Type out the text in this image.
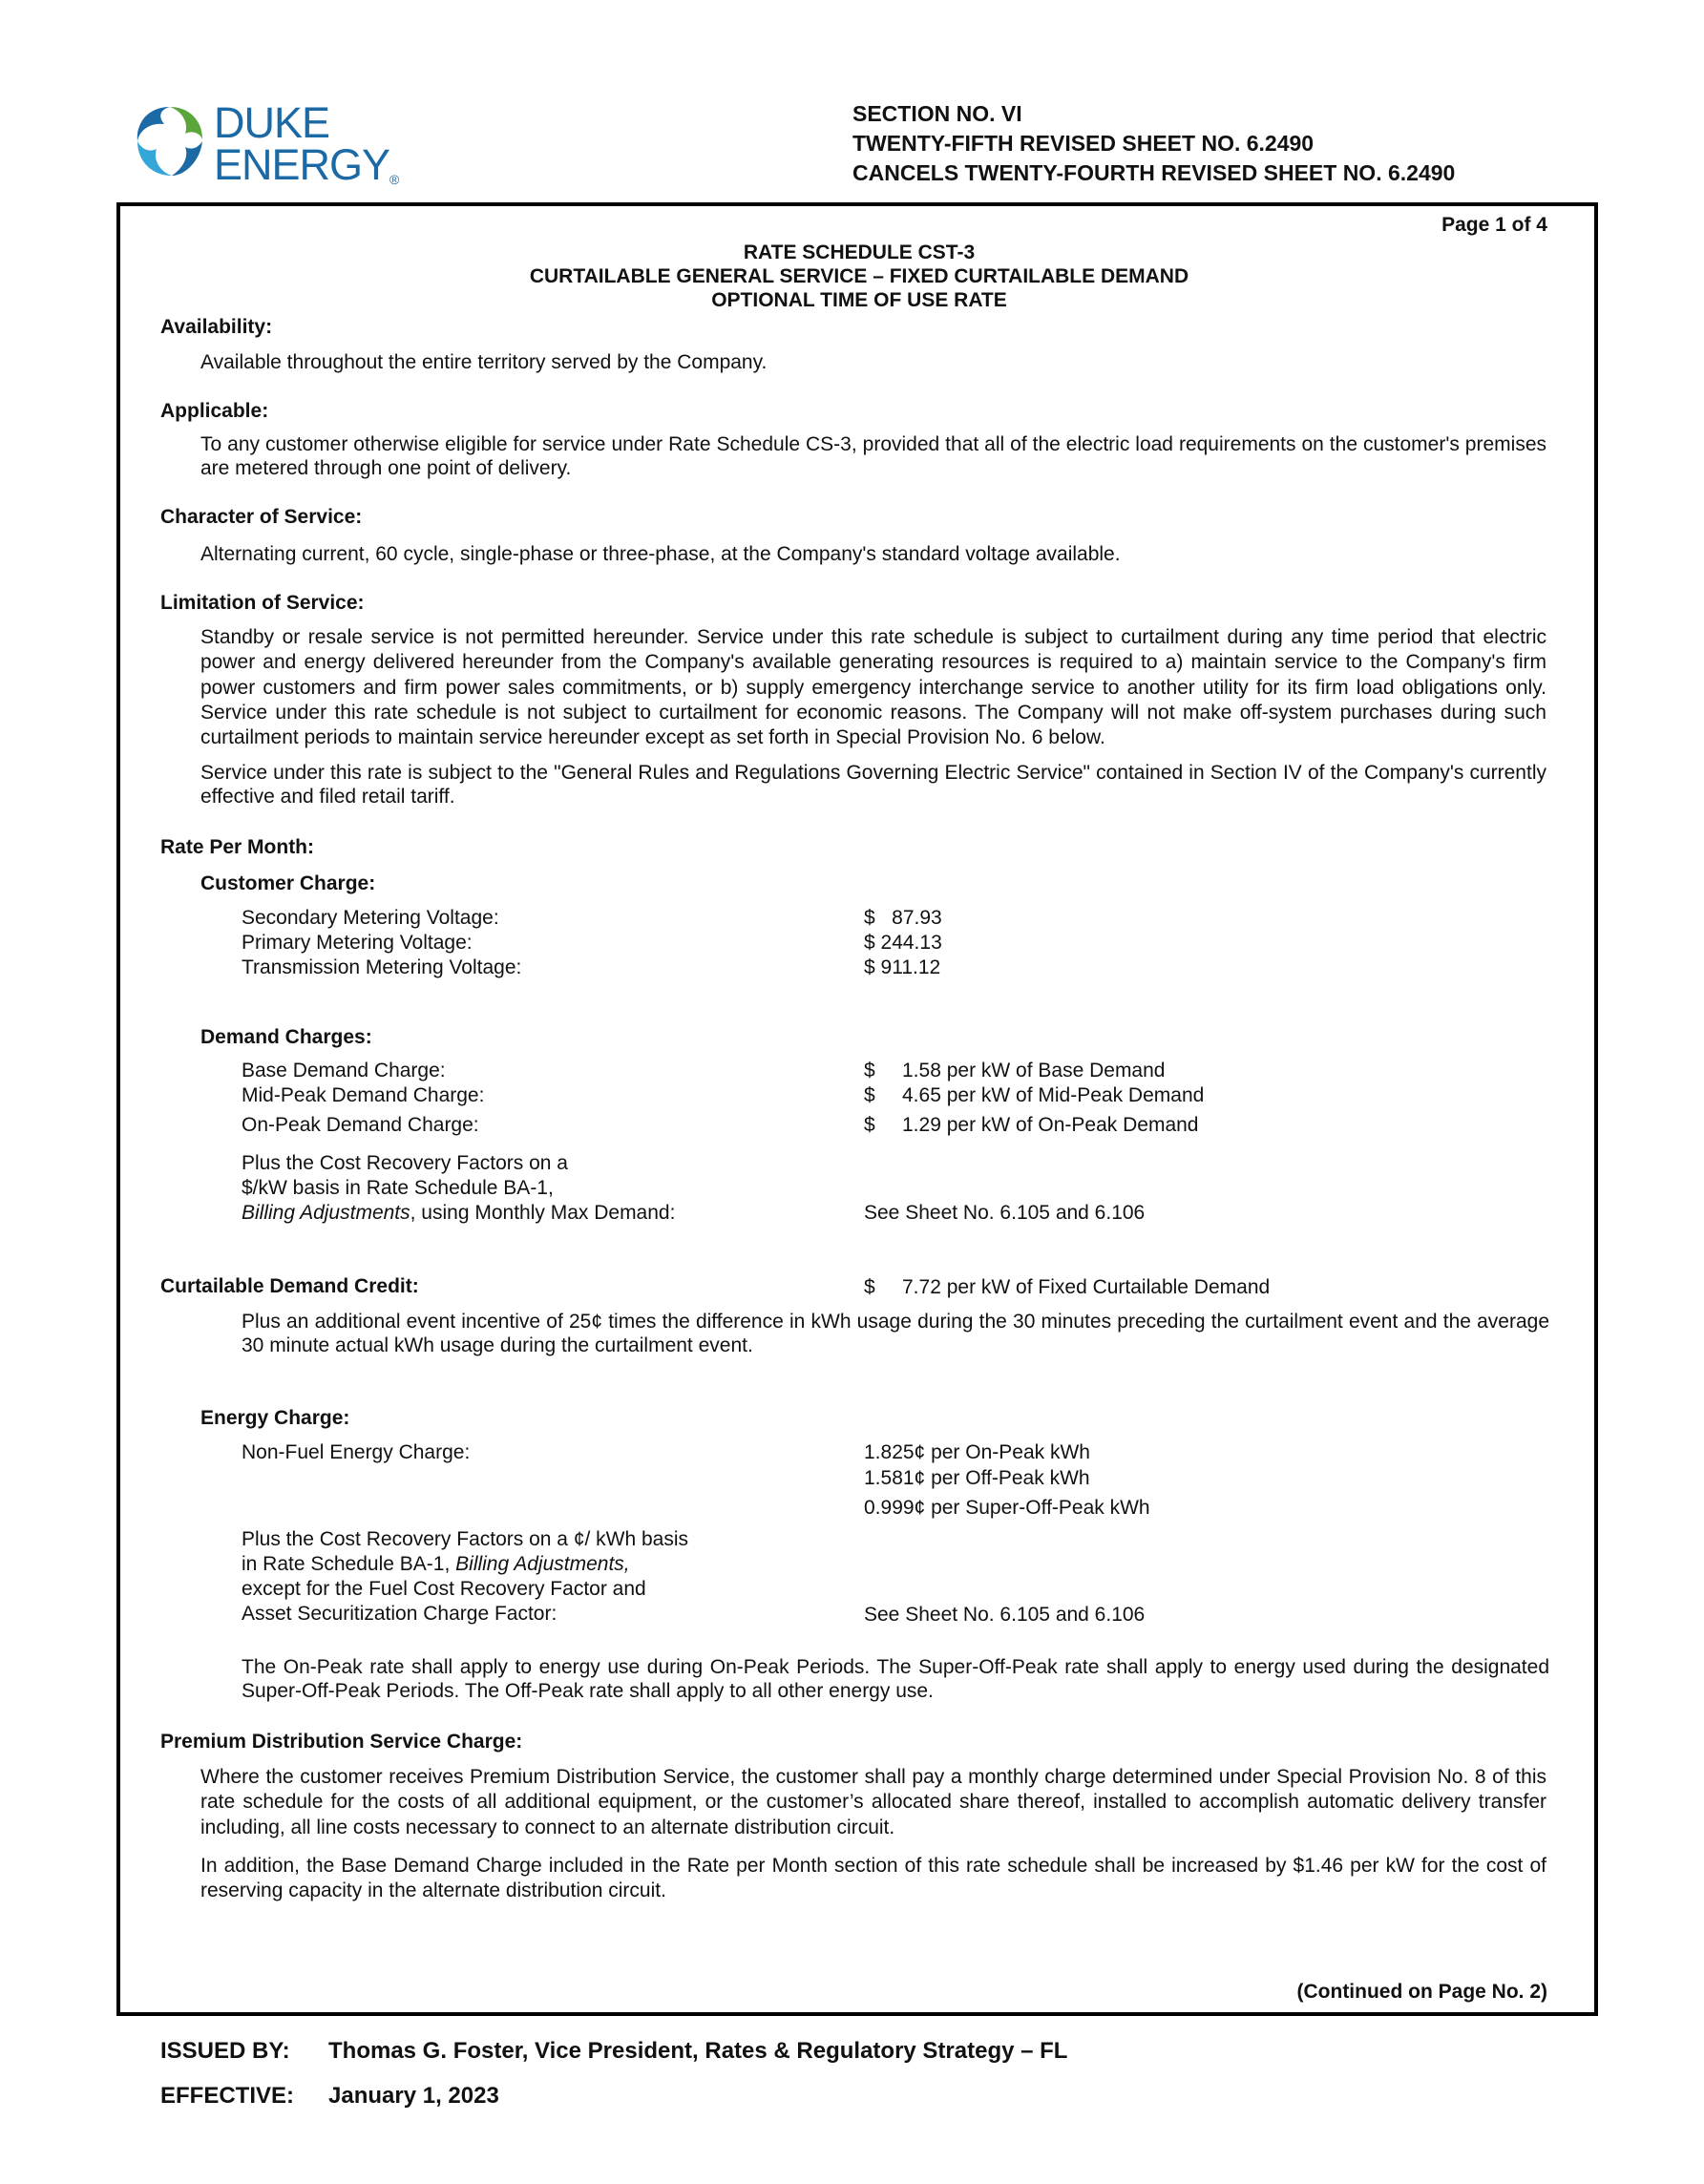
DUKE
ENERGY®
SECTION NO. VI
TWENTY-FIFTH REVISED SHEET NO. 6.2490
CANCELS TWENTY-FOURTH REVISED SHEET NO. 6.2490
Page 1 of 4
RATE SCHEDULE CST-3
CURTAILABLE GENERAL SERVICE – FIXED CURTAILABLE DEMAND
OPTIONAL TIME OF USE RATE
Availability:
Available throughout the entire territory served by the Company.
Applicable:
To any customer otherwise eligible for service under Rate Schedule CS-3, provided that all of the electric load requirements on the customer's premises are metered through one point of delivery.
Character of Service:
Alternating current, 60 cycle, single-phase or three-phase, at the Company's standard voltage available.
Limitation of Service:
Standby or resale service is not permitted hereunder. Service under this rate schedule is subject to curtailment during any time period that electric power and energy delivered hereunder from the Company's available generating resources is required to a) maintain service to the Company's firm power customers and firm power sales commitments, or b) supply emergency interchange service to another utility for its firm load obligations only. Service under this rate schedule is not subject to curtailment for economic reasons. The Company will not make off-system purchases during such curtailment periods to maintain service hereunder except as set forth in Special Provision No. 6 below.
Service under this rate is subject to the "General Rules and Regulations Governing Electric Service" contained in Section IV of the Company's currently effective and filed retail tariff.
Rate Per Month:
Customer Charge:
Secondary Metering Voltage:	$   87.93
Primary Metering Voltage:	$ 244.13
Transmission Metering Voltage:	$ 911.12
Demand Charges:
Base Demand Charge:	$ 1.58 per kW of Base Demand
Mid-Peak Demand Charge:	$ 4.65 per kW of Mid-Peak Demand
On-Peak Demand Charge:	$ 1.29 per kW of On-Peak Demand
Plus the Cost Recovery Factors on a
$/kW basis in Rate Schedule BA-1,
Billing Adjustments, using Monthly Max Demand:	See Sheet No. 6.105 and 6.106
Curtailable Demand Credit:	$ 7.72 per kW of Fixed Curtailable Demand
Plus an additional event incentive of 25¢ times the difference in kWh usage during the 30 minutes preceding the curtailment event and the average 30 minute actual kWh usage during the curtailment event.
Energy Charge:
Non-Fuel Energy Charge:	1.825¢ per On-Peak kWh
1.581¢ per Off-Peak kWh
0.999¢ per Super-Off-Peak kWh
Plus the Cost Recovery Factors on a ¢/ kWh basis
in Rate Schedule BA-1, Billing Adjustments,
except for the Fuel Cost Recovery Factor and
Asset Securitization Charge Factor:	See Sheet No. 6.105 and 6.106
The On-Peak rate shall apply to energy use during On-Peak Periods. The Super-Off-Peak rate shall apply to energy used during the designated Super-Off-Peak Periods. The Off-Peak rate shall apply to all other energy use.
Premium Distribution Service Charge:
Where the customer receives Premium Distribution Service, the customer shall pay a monthly charge determined under Special Provision No. 8 of this rate schedule for the costs of all additional equipment, or the customer’s allocated share thereof, installed to accomplish automatic delivery transfer including, all line costs necessary to connect to an alternate distribution circuit.
In addition, the Base Demand Charge included in the Rate per Month section of this rate schedule shall be increased by $1.46 per kW for the cost of reserving capacity in the alternate distribution circuit.
(Continued on Page No. 2)
ISSUED BY: Thomas G. Foster, Vice President, Rates & Regulatory Strategy – FL
EFFECTIVE: January 1, 2023
